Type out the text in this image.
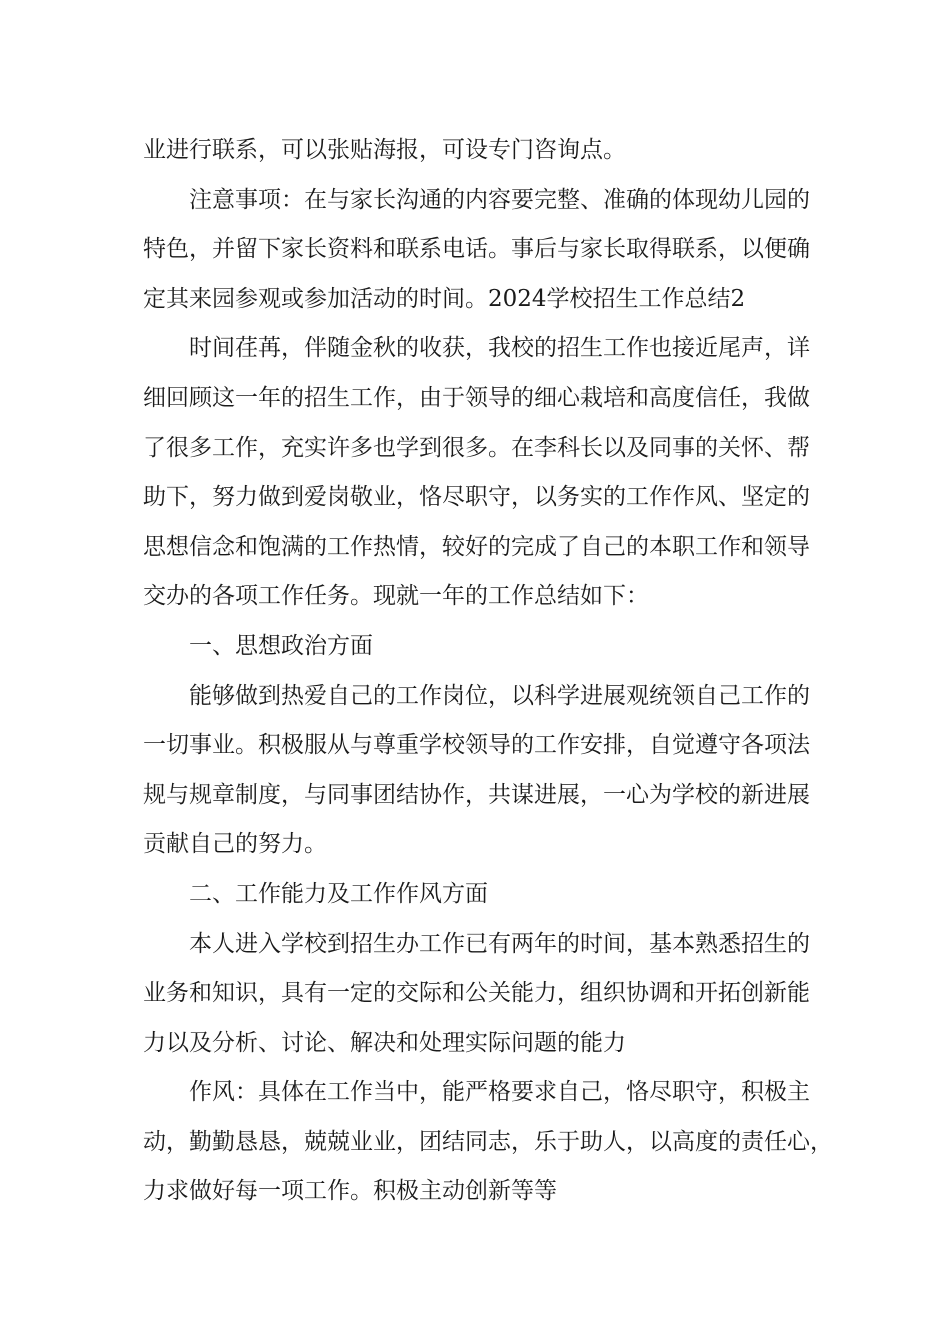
业进行联系，可以张贴海报，可设专门咨询点。
注意事项：在与家长沟通的内容要完整、准确的体现幼儿园的
特色，并留下家长资料和联系电话。事后与家长取得联系，以便确
定其来园参观或参加活动的时间。2024学校招生工作总结2
时间荏苒，伴随金秋的收获，我校的招生工作也接近尾声，详
细回顾这一年的招生工作，由于领导的细心栽培和高度信任，我做
了很多工作，充实许多也学到很多。在李科长以及同事的关怀、帮
助下，努力做到爱岗敬业，恪尽职守，以务实的工作作风、坚定的
思想信念和饱满的工作热情，较好的完成了自己的本职工作和领导
交办的各项工作任务。现就一年的工作总结如下：
一、思想政治方面
能够做到热爱自己的工作岗位，以科学进展观统领自己工作的
一切事业。积极服从与尊重学校领导的工作安排，自觉遵守各项法
规与规章制度，与同事团结协作，共谋进展，一心为学校的新进展
贡献自己的努力。
二、工作能力及工作作风方面
本人进入学校到招生办工作已有两年的时间，基本熟悉招生的
业务和知识，具有一定的交际和公关能力，组织协调和开拓创新能
力以及分析、讨论、解决和处理实际问题的能力
作风：具体在工作当中，能严格要求自己，恪尽职守，积极主
动，勤勤恳恳，兢兢业业，团结同志，乐于助人，以高度的责任心，
力求做好每一项工作。积极主动创新等等
